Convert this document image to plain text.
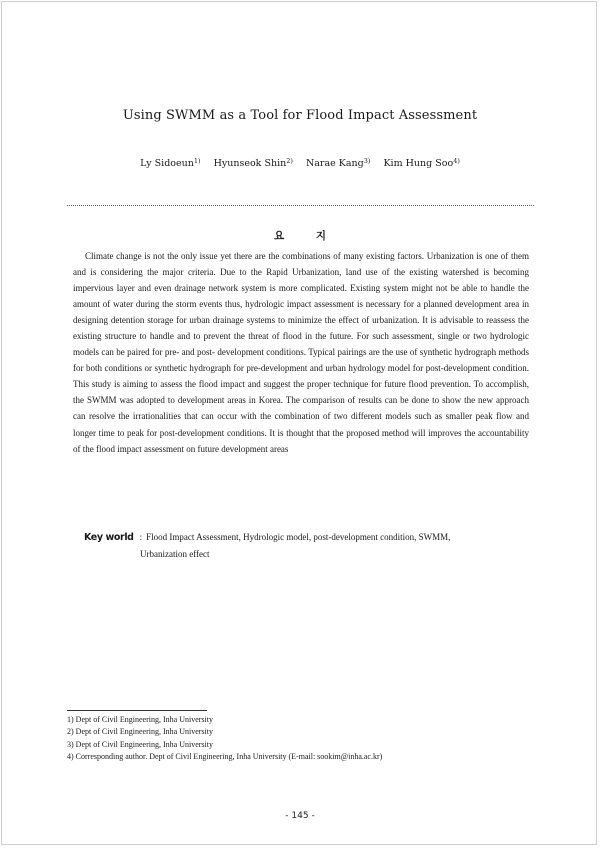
Using SWMM as a Tool for Flood Impact Assessment
Ly Sidoeun$^{1)}$ Hyunseok Shin$^{2)}$ Narae Kang$^{3)}$ Kim Hung Soo$^{4)}$
요 지

Climate change is not the only issue yet there are the combinations of many existing factors. Urbanization is one of them and is considering the major criteria. Due to the Rapid Urbanization, land use of the existing watershed is becoming impervious layer and even drainage network system is more complicated. Existing system might not be able to handle the amount of water during the storm events thus, hydrologic impact assessment is necessary for a planned development area in designing detention storage for urban drainage systems to minimize the effect of urbanization. It is advisable to reassess the existing structure to handle and to prevent the threat of flood in the future. For such assessment, single or two hydrologic models can be paired for pre- and post- development conditions. Typical pairings are the use of synthetic hydrograph methods for both conditions or synthetic hydrograph for pre-development and urban hydrology model for post-development condition. This study is aiming to assess the flood impact and suggest the proper technique for future flood prevention. To accomplish, the SWMM was adopted to development areas in Korea. The comparison of results can be done to show the new approach can resolve the irrationalities that can occur with the combination of two different models such as smaller peak flow and longer time to peak for post-development conditions. It is thought that the proposed method will improves the accountability of the flood impact assessment on future development areas

Key world : Flood Impact Assessment, Hydrologic model, post-development condition, SWMM,
Urbanization effect
1) Dept of Civil Engineering, Inha University
2) Dept of Civil Engineering, Inha University
3) Dept of Civil Engineering, Inha University
4) Corresponding author. Dept of Civil Engineering, Inha University (E-mail: sookim@inha.ac.kr)
- 145 -
